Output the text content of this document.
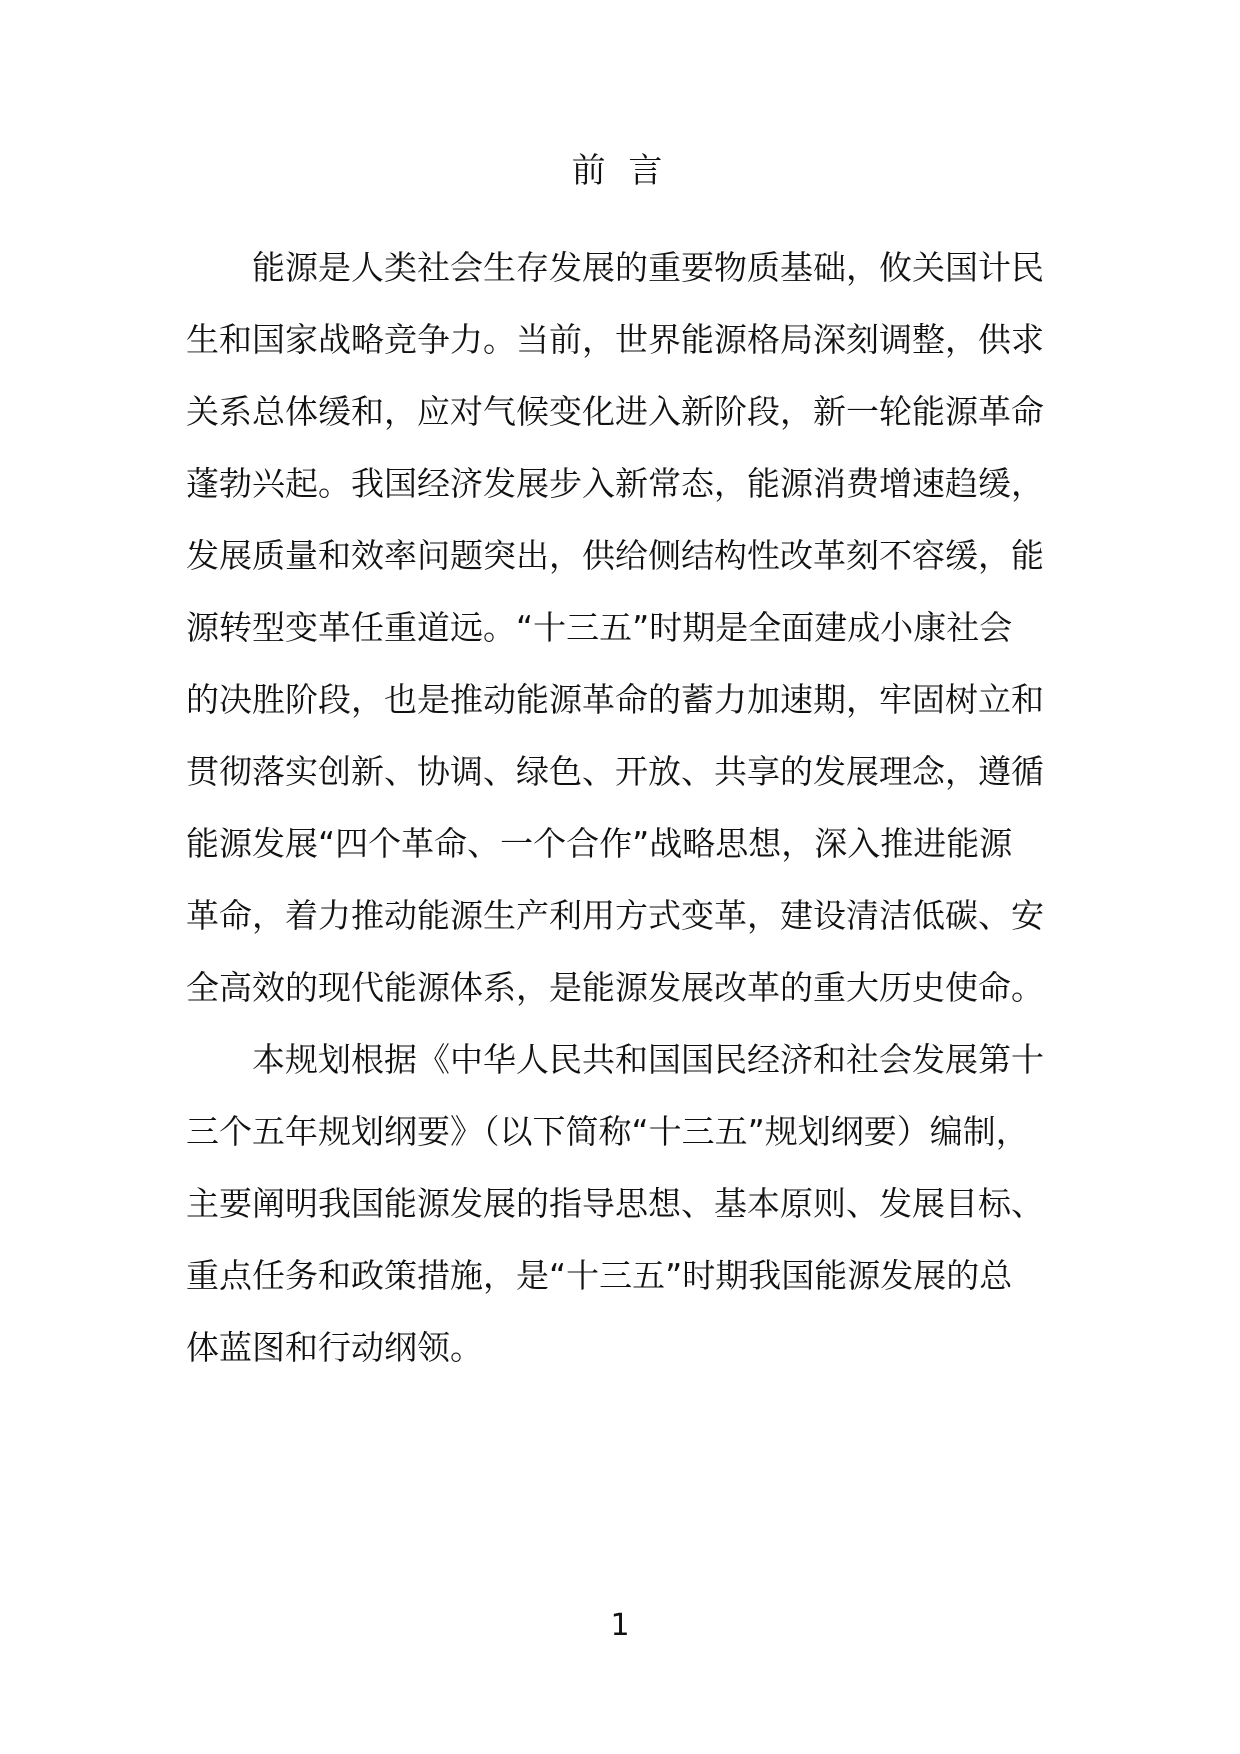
前 言
能源是人类社会生存发展的重要物质基础，攸关国计民
生和国家战略竞争力。当前，世界能源格局深刻调整，供求
关系总体缓和，应对气候变化进入新阶段，新一轮能源革命
蓬勃兴起。我国经济发展步入新常态，能源消费增速趋缓，
发展质量和效率问题突出，供给侧结构性改革刻不容缓，能
源转型变革任重道远。“十三五”时期是全面建成小康社会
的决胜阶段，也是推动能源革命的蓄力加速期，牢固树立和
贯彻落实创新、协调、绿色、开放、共享的发展理念，遵循
能源发展“四个革命、一个合作”战略思想，深入推进能源
革命，着力推动能源生产利用方式变革，建设清洁低碳、安
全高效的现代能源体系，是能源发展改革的重大历史使命。
本规划根据《中华人民共和国国民经济和社会发展第十
三个五年规划纲要》（以下简称“十三五”规划纲要）编制，
主要阐明我国能源发展的指导思想、基本原则、发展目标、
重点任务和政策措施，是“十三五”时期我国能源发展的总
体蓝图和行动纲领。
1
